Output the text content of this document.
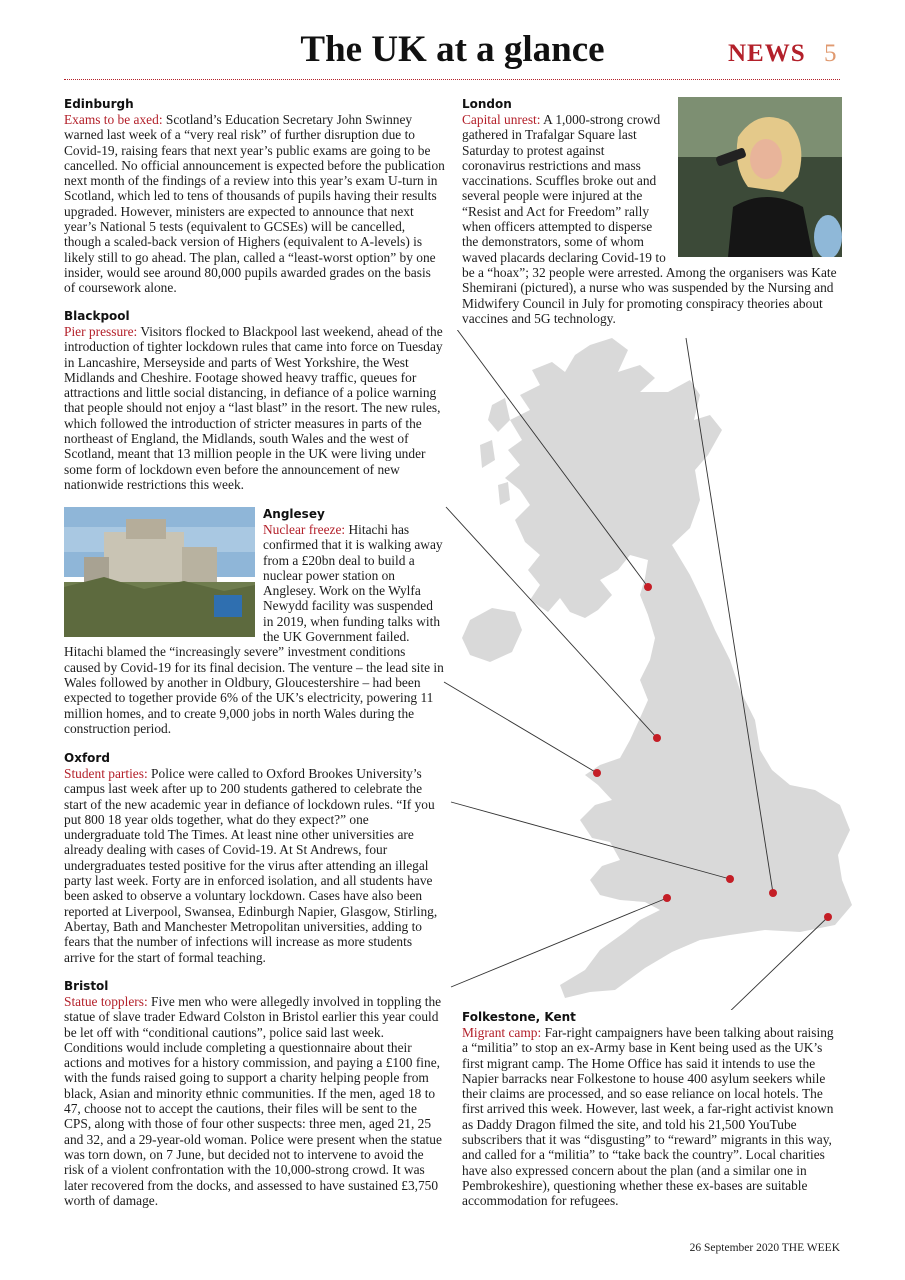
The UK at a glance	NEWS 5
Edinburgh

Exams to be axed: Scotland’s Education Secretary John Swinney warned last week of a “very real risk” of further disruption due to Covid-19, raising fears that next year’s public exams are going to be cancelled. No official announcement is expected before the publication next month of the findings of a review into this year’s exam U-turn in Scotland, which led to tens of thousands of pupils having their results upgraded. However, ministers are expected to announce that next year’s National 5 tests (equivalent to GCSEs) will be cancelled, though a scaled-back version of Highers (equivalent to A-levels) is likely still to go ahead. The plan, called a “least-worst option” by one insider, would see around 80,000 pupils awarded grades on the basis of coursework alone.

Blackpool

Pier pressure: Visitors flocked to Blackpool last weekend, ahead of the introduction of tighter lockdown rules that came into force on Tuesday in Lancashire, Merseyside and parts of West Yorkshire, the West Midlands and Cheshire. Footage showed heavy traffic, queues for attractions and little social distancing, in defiance of a police warning that people should not enjoy a “last blast” in the resort. The new rules, which followed the introduction of stricter measures in parts of the northeast of England, the Midlands, south Wales and the west of Scotland, meant that 13 million people in the UK were living under some form of lockdown even before the announcement of new nationwide restrictions this week.

Anglesey

Nuclear freeze: Hitachi has confirmed that it is walking away from a £20bn deal to build a nuclear power station on Anglesey. Work on the Wylfa Newydd facility was suspended in 2019, when funding talks with the UK Government failed. Hitachi blamed the “increasingly severe” investment conditions caused by Covid-19 for its final decision. The venture – the lead site in Wales followed by another in Oldbury, Gloucestershire – had been expected to together provide 6% of the UK’s electricity, powering 11 million homes, and to create 9,000 jobs in north Wales during the construction period.

Oxford

Student parties: Police were called to Oxford Brookes University’s campus last week after up to 200 students gathered to celebrate the start of the new academic year in defiance of lockdown rules. “If you put 800 18 year olds together, what do they expect?” one undergraduate told The Times. At least nine other universities are already dealing with cases of Covid-19. At St Andrews, four undergraduates tested positive for the virus after attending an illegal party last week. Forty are in enforced isolation, and all students have been asked to observe a voluntary lockdown. Cases have also been reported at Liverpool, Swansea, Edinburgh Napier, Glasgow, Stirling, Abertay, Bath and Manchester Metropolitan universities, adding to fears that the number of infections will increase as more students arrive for the start of formal teaching.

Bristol

Statue topplers: Five men who were allegedly involved in toppling the statue of slave trader Edward Colston in Bristol earlier this year could be let off with “conditional cautions”, police said last week. Conditions would include completing a questionnaire about their actions and motives for a history commission, and paying a £100 fine, with the funds raised going to support a charity helping people from black, Asian and minority ethnic communities. If the men, aged 18 to 47, choose not to accept the cautions, their files will be sent to the CPS, along with those of four other suspects: three men, aged 21, 25 and 32, and a 29-year-old woman. Police were present when the statue was torn down, on 7 June, but decided not to intervene to avoid the risk of a violent confrontation with the 10,000-strong crowd. It was later recovered from the docks, and assessed to have sustained £3,750 worth of damage.

London

Capital unrest: A 1,000-strong crowd gathered in Trafalgar Square last Saturday to protest against coronavirus restrictions and mass vaccinations. Scuffles broke out and several people were injured at the “Resist and Act for Freedom” rally when officers attempted to disperse the demonstrators, some of whom waved placards declaring Covid-19 to be a “hoax”; 32 people were arrested. Among the organisers was Kate Shemirani (pictured), a nurse who was suspended by the Nursing and Midwifery Council in July for promoting conspiracy theories about vaccines and 5G technology.

Folkestone, Kent

Migrant camp: Far-right campaigners have been talking about raising a “militia” to stop an ex-Army base in Kent being used as the UK’s first migrant camp. The Home Office has said it intends to use the Napier barracks near Folkestone to house 400 asylum seekers while their claims are processed, and so ease reliance on local hotels. The first arrived this week. However, last week, a far-right activist known as Daddy Dragon filmed the site, and told his 21,500 YouTube subscribers that it was “disgusting” to “reward” migrants in this way, and called for a “militia” to “take back the country”. Local charities have also expressed concern about the plan (and a similar one in Pembrokeshire), questioning whether these ex-bases are suitable accommodation for refugees.

26 September 2020 THE WEEK
